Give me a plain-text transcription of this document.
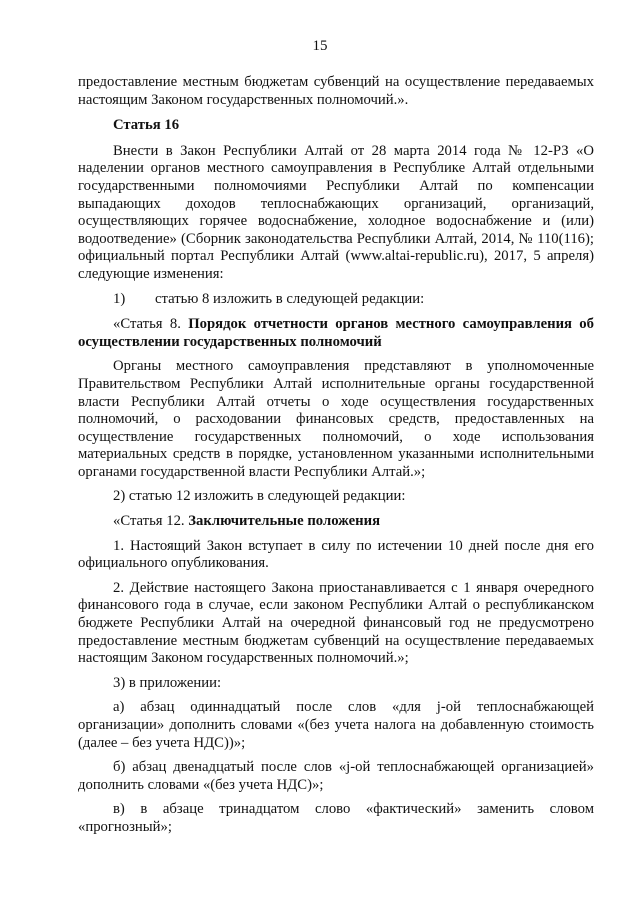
15

предоставление местным бюджетам субвенций на осуществление передаваемых настоящим Законом государственных полномочий.».

Статья 16

Внести в Закон Республики Алтай от 28 марта 2014 года № 12-РЗ «О наделении органов местного самоуправления в Республике Алтай отдельными государственными полномочиями Республики Алтай по компенсации выпадающих доходов теплоснабжающих организаций, организаций, осуществляющих горячее водоснабжение, холодное водоснабжение и (или) водоотведение» (Сборник законодательства Республики Алтай, 2014, № 110(116); официальный портал Республики Алтай (www.altai-republic.ru), 2017, 5 апреля) следующие изменения:

1) статью 8 изложить в следующей редакции:

«Статья 8. Порядок отчетности органов местного самоуправления об осуществлении государственных полномочий

Органы местного самоуправления представляют в уполномоченные Правительством Республики Алтай исполнительные органы государственной власти Республики Алтай отчеты о ходе осуществления государственных полномочий, о расходовании финансовых средств, предоставленных на осуществление государственных полномочий, о ходе использования материальных средств в порядке, установленном указанными исполнительными органами государственной власти Республики Алтай.»;

2) статью 12 изложить в следующей редакции:

«Статья 12. Заключительные положения

1. Настоящий Закон вступает в силу по истечении 10 дней после дня его официального опубликования.

2. Действие настоящего Закона приостанавливается с 1 января очередного финансового года в случае, если законом Республики Алтай о республиканском бюджете Республики Алтай на очередной финансовый год не предусмотрено предоставление местным бюджетам субвенций на осуществление передаваемых настоящим Законом государственных полномочий.»;

3) в приложении:

а) абзац одиннадцатый после слов «для j-ой теплоснабжающей организации» дополнить словами «(без учета налога на добавленную стоимость (далее – без учета НДС))»;

б) абзац двенадцатый после слов «j-ой теплоснабжающей организацией» дополнить словами «(без учета НДС)»;

в) в абзаце тринадцатом слово «фактический» заменить словом «прогнозный»;
